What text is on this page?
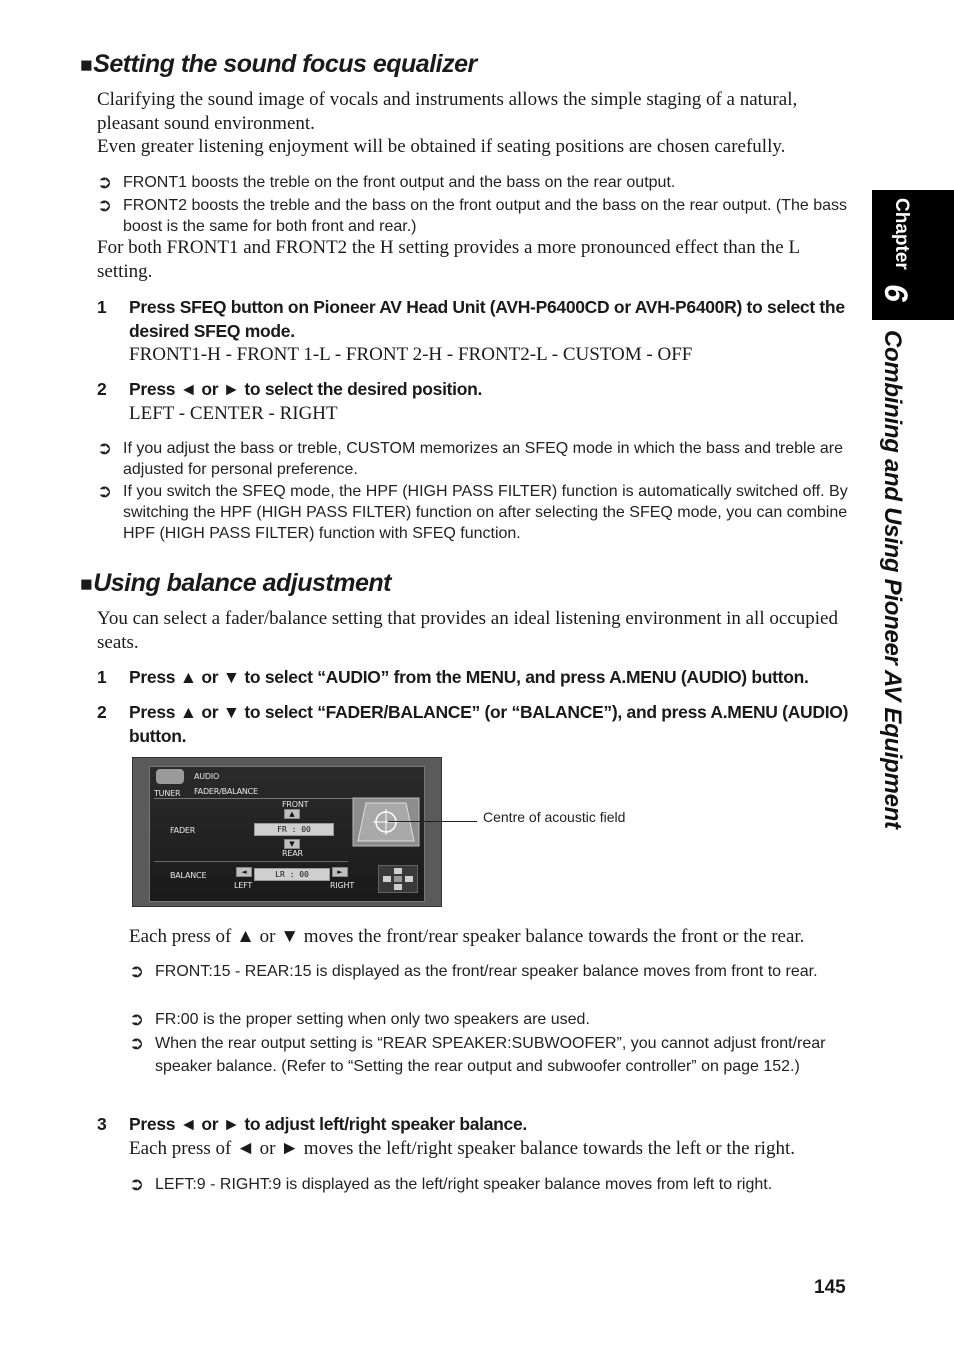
■Setting the sound focus equalizer
Clarifying the sound image of vocals and instruments allows the simple staging of a natural, pleasant sound environment.
Even greater listening enjoyment will be obtained if seating positions are chosen carefully.
➲ FRONT1 boosts the treble on the front output and the bass on the rear output.
➲ FRONT2 boosts the treble and the bass on the front output and the bass on the rear output. (The bass boost is the same for both front and rear.)
For both FRONT1 and FRONT2 the H setting provides a more pronounced effect than the L setting.
1 Press SFEQ button on Pioneer AV Head Unit (AVH-P6400CD or AVH-P6400R) to select the desired SFEQ mode.
FRONT1-H - FRONT 1-L - FRONT 2-H - FRONT2-L - CUSTOM - OFF
2 Press ◄ or ► to select the desired position.
LEFT - CENTER - RIGHT
➲ If you adjust the bass or treble, CUSTOM memorizes an SFEQ mode in which the bass and treble are adjusted for personal preference.
➲ If you switch the SFEQ mode, the HPF (HIGH PASS FILTER) function is automatically switched off. By switching the HPF (HIGH PASS FILTER) function on after selecting the SFEQ mode, you can combine HPF (HIGH PASS FILTER) function with SFEQ function.
■Using balance adjustment
You can select a fader/balance setting that provides an ideal listening environment in all occupied seats.
1 Press ▲ or ▼ to select “AUDIO” from the MENU, and press A.MENU (AUDIO) button.
2 Press ▲ or ▼ to select “FADER/BALANCE” (or “BALANCE”), and press A.MENU (AUDIO) button.
AUDIO
TUNER FADER/BALANCE
FRONT
▲
FADER	FR : 00
▼
REAR
BALANCE	◄	LR : 00	►
LEFT	RIGHT
Centre of acoustic field
Each press of ▲ or ▼ moves the front/rear speaker balance towards the front or the rear.
➲ FRONT:15 - REAR:15 is displayed as the front/rear speaker balance moves from front to rear.
➲ FR:00 is the proper setting when only two speakers are used.
➲ When the rear output setting is “REAR SPEAKER:SUBWOOFER”, you cannot adjust front/rear speaker balance. (Refer to “Setting the rear output and subwoofer controller” on page 152.)
3 Press ◄ or ► to adjust left/right speaker balance.
Each press of ◄ or ► moves the left/right speaker balance towards the left or the right.
➲ LEFT:9 - RIGHT:9 is displayed as the left/right speaker balance moves from left to right.
Chapter
6
Combining and Using Pioneer AV Equipment
145
